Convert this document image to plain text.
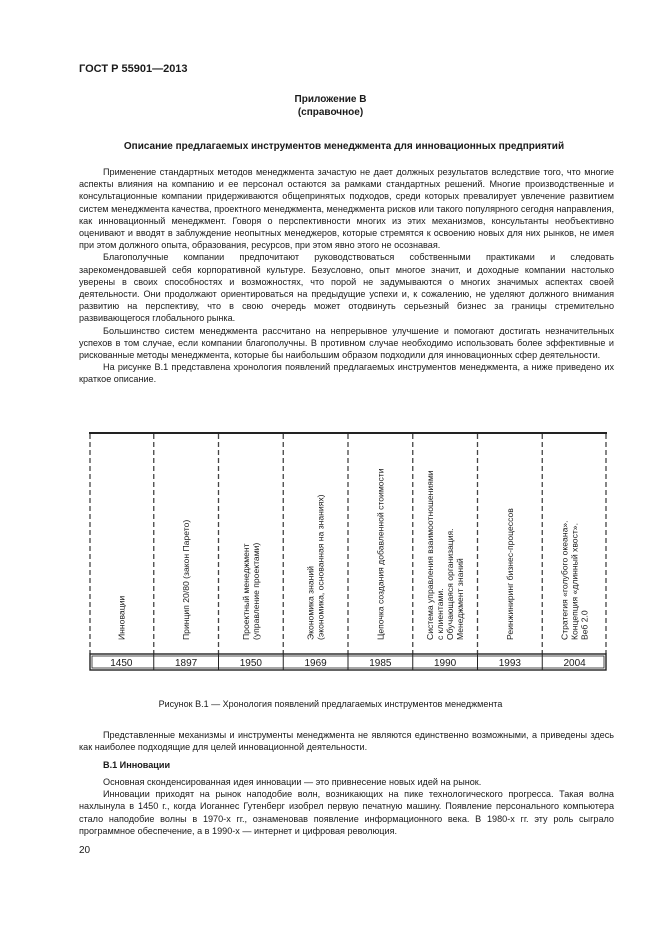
ГОСТ Р 55901—2013
Приложение В
(справочное)
Описание предлагаемых инструментов менеджмента для инновационных предприятий

Применение стандартных методов менеджмента зачастую не дает должных результатов вследствие того, что многие аспекты влияния на компанию и ее персонал остаются за рамками стандартных решений. Многие производственные и консультационные компании придерживаются общепринятых подходов, среди которых превалирует увлечение развитием систем менеджмента качества, проектного менеджмента, менеджмента рисков или такого популярного сегодня направления, как инновационный менеджмент. Говоря о перспективности многих из этих механизмов, консультанты необъективно оценивают и вводят в заблуждение неопытных менеджеров, которые стремятся к освоению новых для них рынков, не имея при этом должного опыта, образования, ресурсов, при этом явно этого не осознавая.

Благополучные компании предпочитают руководствоваться собственными практиками и следовать зарекомендовавшей себя корпоративной культуре. Безусловно, опыт многое значит, и доходные компании настолько уверены в своих способностях и возможностях, что порой не задумываются о многих значимых аспектах своей деятельности. Они продолжают ориентироваться на предыдущие успехи и, к сожалению, не уделяют должного внимания развитию на перспективу, что в свою очередь может отодвинуть серьезный бизнес за границы стремительно развивающегося глобального рынка.

Большинство систем менеджмента рассчитано на непрерывное улучшение и помогают достигать незначительных успехов в том случае, если компании благополучны. В противном случае необходимо использовать более эффективные и рискованные методы менеджмента, которые бы наибольшим образом подходили для инновационных сфер деятельности.

На рисунке В.1 представлена хронология появлений предлагаемых инструментов менеджмента, а ниже приведено их краткое описание.

1450
Инновации
1897
Принцип 20/80 (закон Парето)
1950
Проектный менеджмент (управление проектами)
1969
Экономика знаний (экономика, основанная на знаниях)
1985
Цепочка создания добавленной стоимости
1990
Система управления взаимоотношениями с клиентами. Обучающаяся организация. Менеджмент знаний
1993
Реинжиниринг бизнес-процессов
2004
Стратегия «голубого океана». Концепция «длинный хвост». Веб 2.0
Рисунок В.1 — Хронология появлений предлагаемых инструментов менеджмента

Представленные механизмы и инструменты менеджмента не являются единственно возможными, а приведены здесь как наиболее подходящие для целей инновационной деятельности.

В.1 Инновации

Основная сконденсированная идея инновации — это привнесение новых идей на рынок.

Инновации приходят на рынок наподобие волн, возникающих на пике технологического прогресса. Такая волна нахлынула в 1450 г., когда Иоганнес Гутенберг изобрел первую печатную машину. Появление персонального компьютера стало наподобие волны в 1970-х гг., ознаменовав появление информационного века. В 1980-х гг. эту роль сыграло программное обеспечение, а в 1990-х — интернет и цифровая революция.

20
